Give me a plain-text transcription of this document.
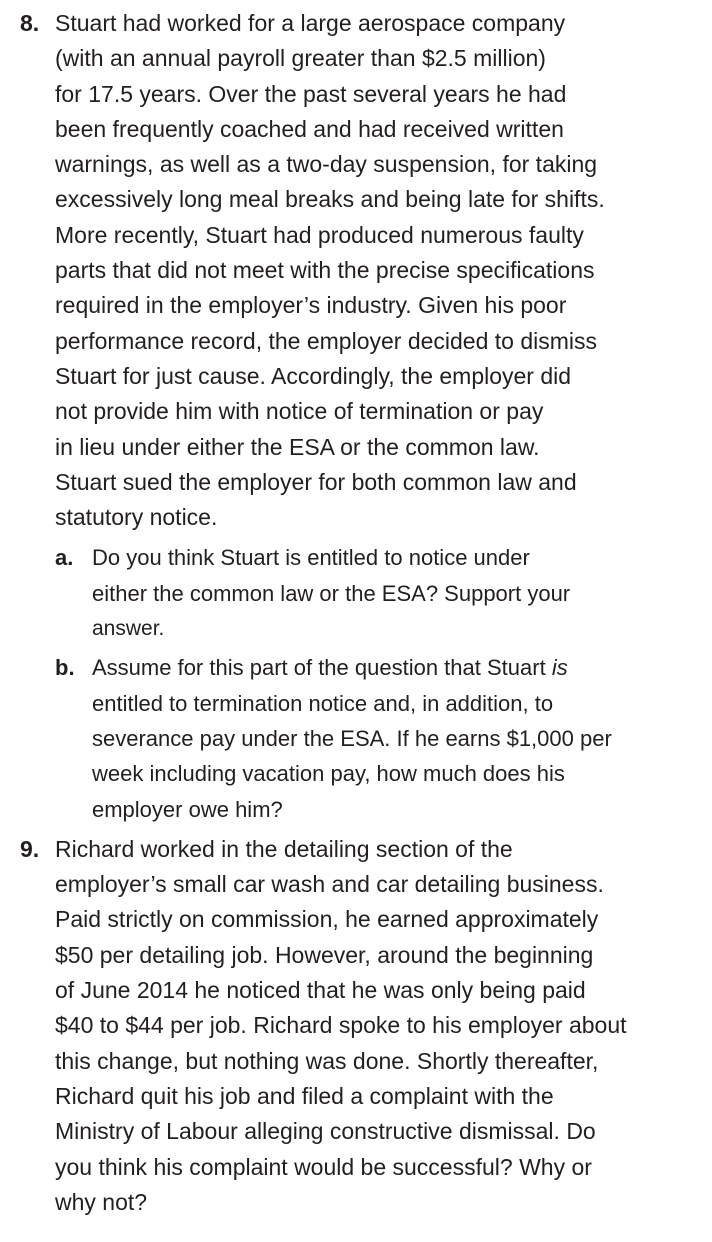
8. Stuart had worked for a large aerospace company
(with an annual payroll greater than $2.5 million)
for 17.5 years. Over the past several years he had
been frequently coached and had received written
warnings, as well as a two-day suspension, for taking
excessively long meal breaks and being late for shifts.
More recently, Stuart had produced numerous faulty
parts that did not meet with the precise specifications
required in the employer’s industry. Given his poor
performance record, the employer decided to dismiss
Stuart for just cause. Accordingly, the employer did
not provide him with notice of termination or pay
in lieu under either the ESA or the common law.
Stuart sued the employer for both common law and
statutory notice.

a. Do you think Stuart is entitled to notice under
either the common law or the ESA? Support your
answer.

b. Assume for this part of the question that Stuart is
entitled to termination notice and, in addition, to
severance pay under the ESA. If he earns $1,000 per
week including vacation pay, how much does his
employer owe him?

9. Richard worked in the detailing section of the
employer’s small car wash and car detailing business.
Paid strictly on commission, he earned approximately
$50 per detailing job. However, around the beginning
of June 2014 he noticed that he was only being paid
$40 to $44 per job. Richard spoke to his employer about
this change, but nothing was done. Shortly thereafter,
Richard quit his job and filed a complaint with the
Ministry of Labour alleging constructive dismissal. Do
you think his complaint would be successful? Why or
why not?
